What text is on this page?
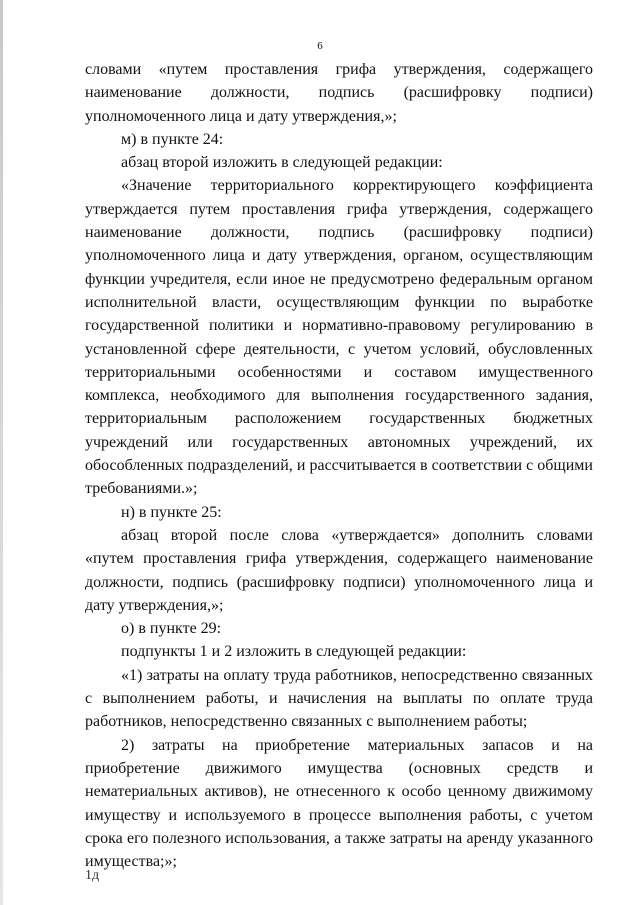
6

словами «путем проставления грифа утверждения, содержащего наименование должности, подпись (расшифровку подписи) уполномоченного лица и дату утверждения,»;

м) в пункте 24:

абзац второй изложить в следующей редакции:

«Значение территориального корректирующего коэффициента утверждается путем проставления грифа утверждения, содержащего наименование должности, подпись (расшифровку подписи) уполномоченного лица и дату утверждения, органом, осуществляющим функции учредителя, если иное не предусмотрено федеральным органом исполнительной власти, осуществляющим функции по выработке государственной политики и нормативно-правовому регулированию в установленной сфере деятельности, с учетом условий, обусловленных территориальными особенностями и составом имущественного комплекса, необходимого для выполнения государственного задания, территориальным расположением государственных бюджетных учреждений или государственных автономных учреждений, их обособленных подразделений, и рассчитывается в соответствии с общими требованиями.»;

н) в пункте 25:

абзац второй после слова «утверждается» дополнить словами «путем проставления грифа утверждения, содержащего наименование должности, подпись (расшифровку подписи) уполномоченного лица и дату утверждения,»;

о) в пункте 29:

подпункты 1 и 2 изложить в следующей редакции:

«1) затраты на оплату труда работников, непосредственно связанных с выполнением работы, и начисления на выплаты по оплате труда работников, непосредственно связанных с выполнением работы;

2) затраты на приобретение материальных запасов и на приобретение движимого имущества (основных средств и нематериальных активов), не отнесенного к особо ценному движимому имуществу и используемого в процессе выполнения работы, с учетом срока его полезного использования, а также затраты на аренду указанного имущества;»;

1д
